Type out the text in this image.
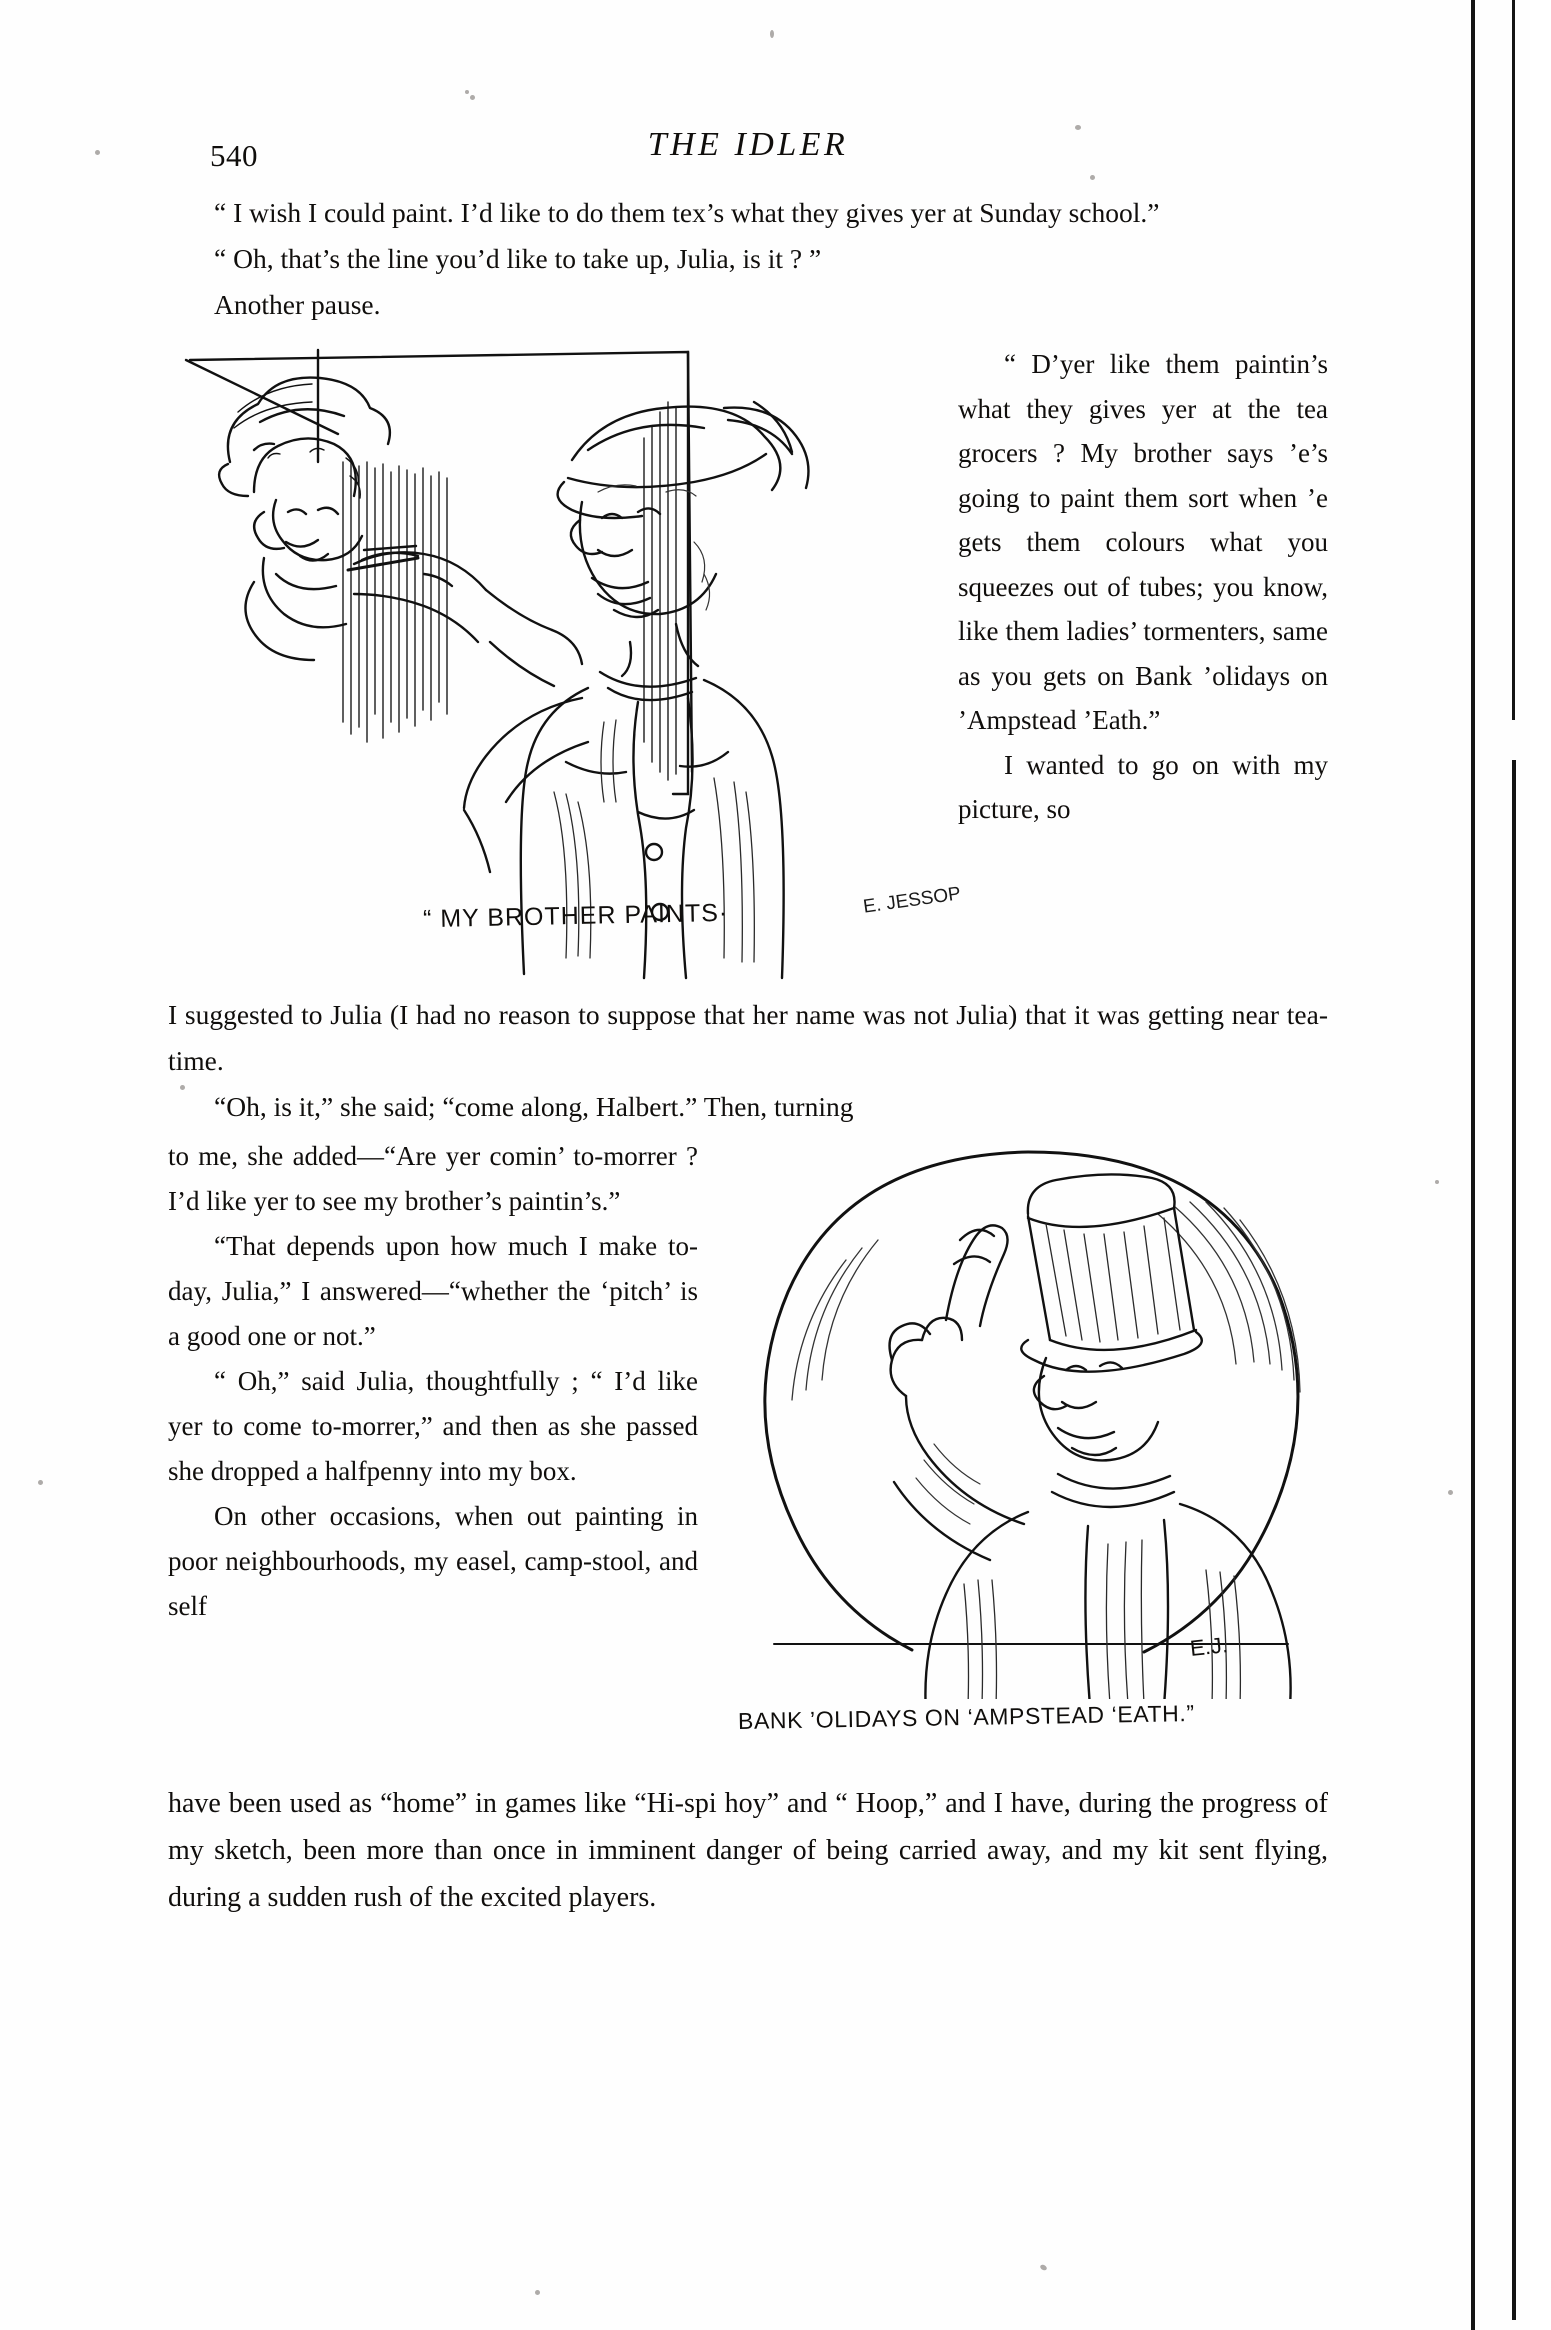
540	THE IDLER

“ I wish I could paint. I’d like to do them tex’s what they gives yer at Sunday school.”

“ Oh, that’s the line you’d like to take up, Julia, is it ? ”

Another pause.

“ MY BROTHER PAINTS·	E. JESSOP

“ D’yer like them paintin’s what they gives yer at the tea grocers ? My brother says ’e’s going to paint them sort when ’e gets them colours what you squeezes out of tubes; you know, like them ladies’ tormenters, same as you gets on Bank ’olidays on ’Ampstead ’Eath.”

I wanted to go on with my picture, so

I suggested to Julia (I had no reason to suppose that her name was not Julia) that it was getting near tea-time.

“Oh, is it,” she said; “come along, Halbert.” Then, turning

to me, she added—“Are yer comin’ to-morrer ? I’d like yer to see my brother’s paintin’s.”

“That depends upon how much I make to-day, Julia,” I answered—“whether the ‘pitch’ is a good one or not.”

“ Oh,” said Julia, thoughtfully ; “ I’d like yer to come to-morrer,” and then as she passed she dropped a halfpenny into my box.

On other occasions, when out painting in poor neighbourhoods, my easel, camp-stool, and self

E.J.
BANK ’OLIDAYS ON ‘AMPSTEAD ‘EATH.”

have been used as “home” in games like “Hi-spi hoy” and “ Hoop,” and I have, during the progress of my sketch, been more than once in imminent danger of being carried away, and my kit sent flying, during a sudden rush of the excited players.
